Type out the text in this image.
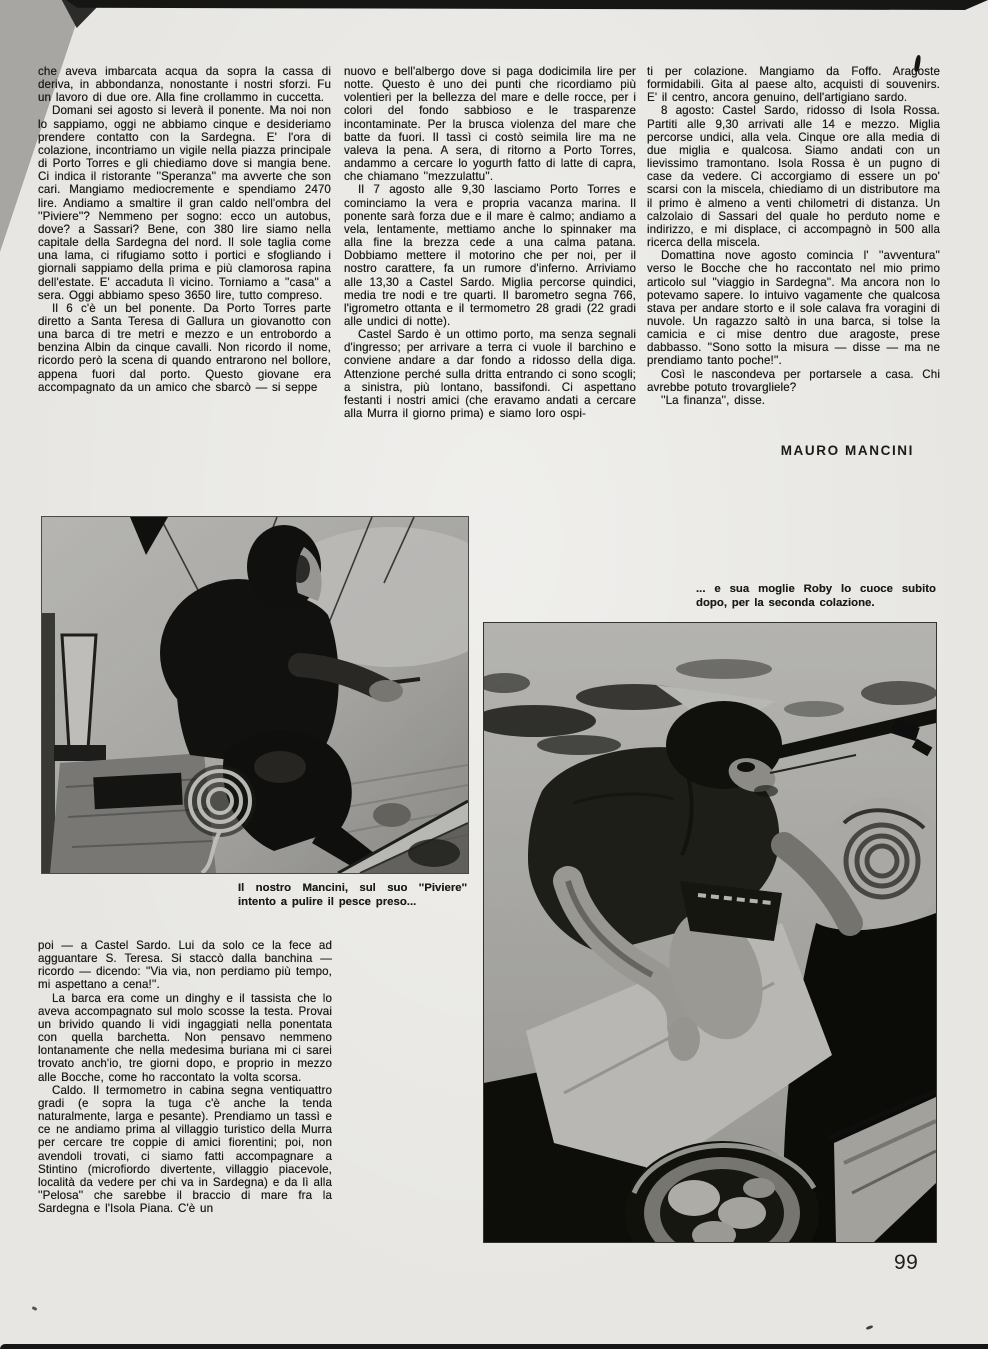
che aveva imbarcata acqua da sopra la cassa di deriva, in abbondanza, nonostante i nostri sforzi. Fu un lavoro di due ore. Alla fine crollammo in cuccetta.

Domani sei agosto si leverà il ponente. Ma noi non lo sappiamo, oggi ne abbiamo cinque e desideriamo prendere contatto con la Sardegna. E' l'ora di colazione, incontriamo un vigile nella piazza principale di Porto Torres e gli chiediamo dove si mangia bene. Ci indica il ristorante ''Speranza'' ma avverte che son cari. Mangiamo mediocremente e spendiamo 2470 lire. Andiamo a smaltire il gran caldo nell'ombra del ''Piviere''? Nemmeno per sogno: ecco un autobus, dove? a Sassari? Bene, con 380 lire siamo nella capitale della Sardegna del nord. Il sole taglia come una lama, ci rifugiamo sotto i portici e sfogliando i giornali sappiamo della prima e più clamorosa rapina dell'estate. E' accaduta lì vicino. Torniamo a ''casa'' a sera. Oggi abbiamo speso 3650 lire, tutto compreso.

Il 6 c'è un bel ponente. Da Porto Torres parte diretto a Santa Teresa di Gallura un giovanotto con una barca di tre metri e mezzo e un entrobordo a benzina Albin da cinque cavalli. Non ricordo il nome, ricordo però la scena di quando entrarono nel bollore, appena fuori dal porto. Questo giovane era accompagnato da un amico che sbarcò — si seppe

nuovo e bell'albergo dove si paga dodicimila lire per notte. Questo è uno dei punti che ricordiamo più volentieri per la bellezza del mare e delle rocce, per i colori del fondo sabbioso e le trasparenze incontaminate. Per la brusca violenza del mare che batte da fuori. Il tassì ci costò seimila lire ma ne valeva la pena. A sera, di ritorno a Porto Torres, andammo a cercare lo yogurth fatto di latte di capra, che chiamano ''mezzulattu''.

Il 7 agosto alle 9,30 lasciamo Porto Torres e cominciamo la vera e propria vacanza marina. Il ponente sarà forza due e il mare è calmo; andiamo a vela, lentamente, mettiamo anche lo spinnaker ma alla fine la brezza cede a una calma patana. Dobbiamo mettere il motorino che per noi, per il nostro carattere, fa un rumore d'inferno. Arriviamo alle 13,30 a Castel Sardo. Miglia percorse quindici, media tre nodi e tre quarti. Il barometro segna 766, l'igrometro ottanta e il termometro 28 gradi (22 gradi alle undici di notte).

Castel Sardo è un ottimo porto, ma senza segnali d'ingresso; per arrivare a terra ci vuole il barchino e conviene andare a dar fondo a ridosso della diga. Attenzione perché sulla dritta entrando ci sono scogli; a sinistra, più lontano, bassifondi. Ci aspettano festanti i nostri amici (che eravamo andati a cercare alla Murra il giorno prima) e siamo loro ospi-

ti per colazione. Mangiamo da Foffo. Aragoste formidabili. Gita al paese alto, acquisti di souvenirs. E' il centro, ancora genuino, dell'artigiano sardo.

8 agosto: Castel Sardo, ridosso di Isola Rossa. Partiti alle 9,30 arrivati alle 14 e mezzo. Miglia percorse undici, alla vela. Cinque ore alla media di due miglia e qualcosa. Siamo andati con un lievissimo tramontano. Isola Rossa è un pugno di case da vedere. Ci accorgiamo di essere un po' scarsi con la miscela, chiediamo di un distributore ma il primo è almeno a venti chilometri di distanza. Un calzolaio di Sassari del quale ho perduto nome e indirizzo, e mi displace, ci accompagnò in 500 alla ricerca della miscela.

Domattina nove agosto comincia l' ''avventura'' verso le Bocche che ho raccontato nel mio primo articolo sul ''viaggio in Sardegna''. Ma ancora non lo potevamo sapere. Io intuivo vagamente che qualcosa stava per andare storto e il sole calava fra voragini di nuvole. Un ragazzo saltò in una barca, si tolse la camicia e ci mise dentro due aragoste, prese dabbasso. ''Sono sotto la misura — disse — ma ne prendiamo tanto poche!''.

Così le nascondeva per portarsele a casa. Chi avrebbe potuto trovargliele?

''La finanza'', disse.

MAURO MANCINI
Il nostro Mancini, sul suo ''Piviere'' intento a pulire il pesce preso...
... e sua moglie Roby lo cuoce subito dopo, per la seconda colazione.

poi — a Castel Sardo. Lui da solo ce la fece ad agguantare S. Teresa. Si staccò dalla banchina — ricordo — dicendo: ''Via via, non perdiamo più tempo, mi aspettano a cena!''.

La barca era come un dinghy e il tassista che lo aveva accompagnato sul molo scosse la testa. Provai un brivido quando li vidi ingaggiati nella ponentata con quella barchetta. Non pensavo nemmeno lontanamente che nella medesima buriana mi ci sarei trovato anch'io, tre giorni dopo, e proprio in mezzo alle Bocche, come ho raccontato la volta scorsa.

Caldo. Il termometro in cabina segna ventiquattro gradi (e sopra la tuga c'è anche la tenda naturalmente, larga e pesante). Prendiamo un tassì e ce ne andiamo prima al villaggio turistico della Murra per cercare tre coppie di amici fiorentini; poi, non avendoli trovati, ci siamo fatti accompagnare a Stintino (microfiordo divertente, villaggio piacevole, località da vedere per chi va in Sardegna) e da lì alla ''Pelosa'' che sarebbe il braccio di mare fra la Sardegna e l'Isola Piana. C'è un

99
